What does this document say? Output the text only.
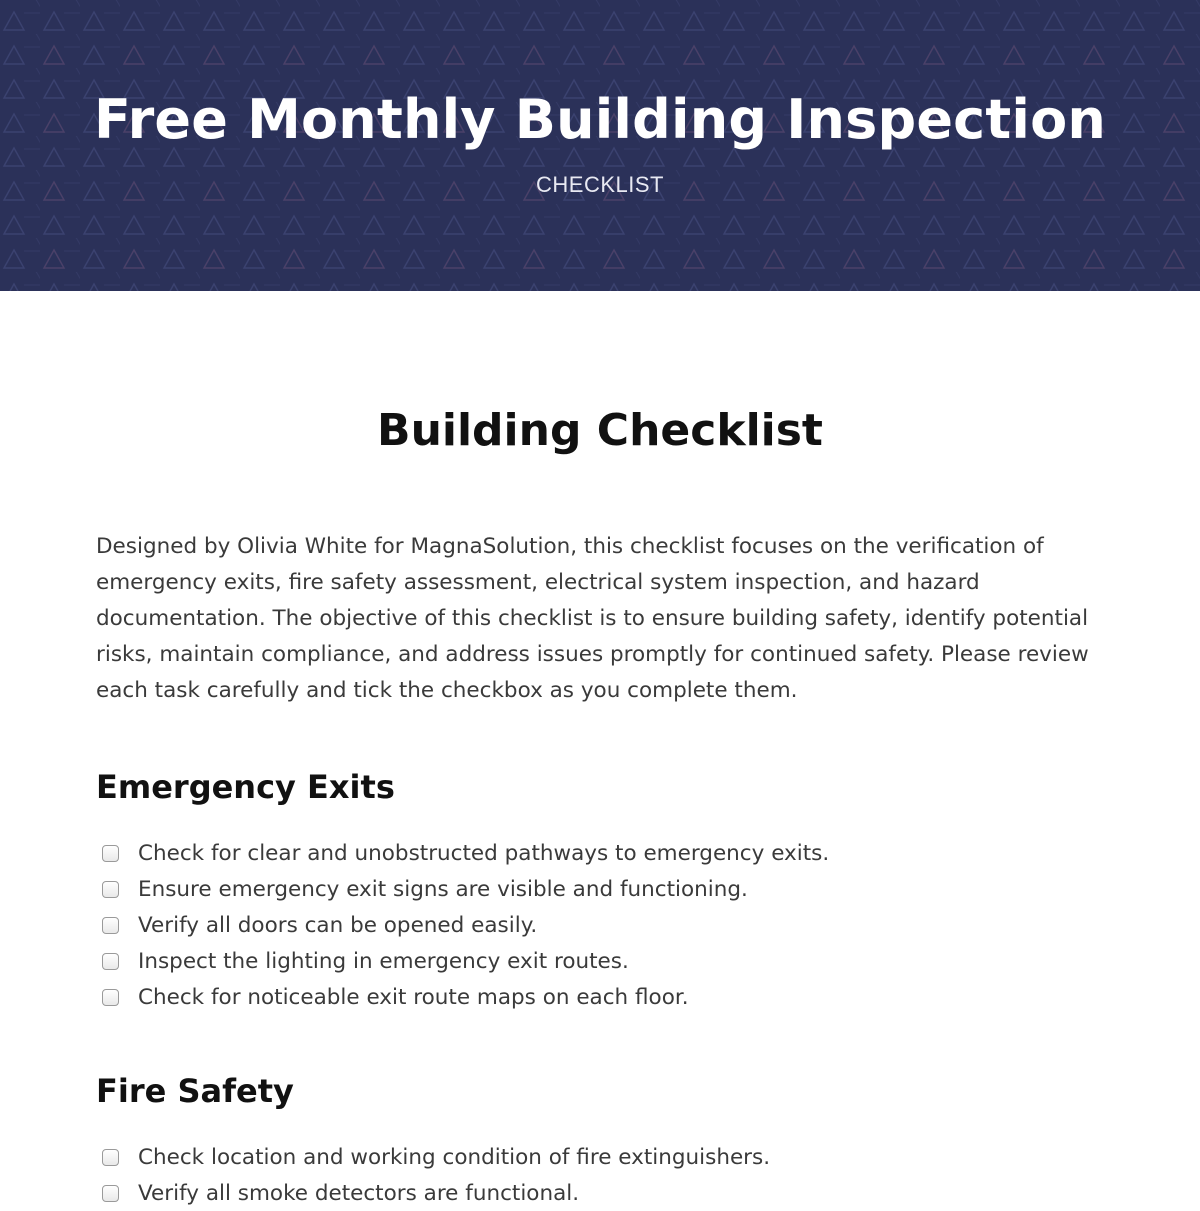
Free Monthly Building Inspection
CHECKLIST
Building Checklist

Designed by Olivia White for MagnaSolution, this checklist focuses on the verification of emergency exits, fire safety assessment, electrical system inspection, and hazard documentation. The objective of this checklist is to ensure building safety, identify potential risks, maintain compliance, and address issues promptly for continued safety. Please review each task carefully and tick the checkbox as you complete them.

Emergency Exits
Check for clear and unobstructed pathways to emergency exits.
Ensure emergency exit signs are visible and functioning.
Verify all doors can be opened easily.
Inspect the lighting in emergency exit routes.
Check for noticeable exit route maps on each floor.
Fire Safety
Check location and working condition of fire extinguishers.
Verify all smoke detectors are functional.
